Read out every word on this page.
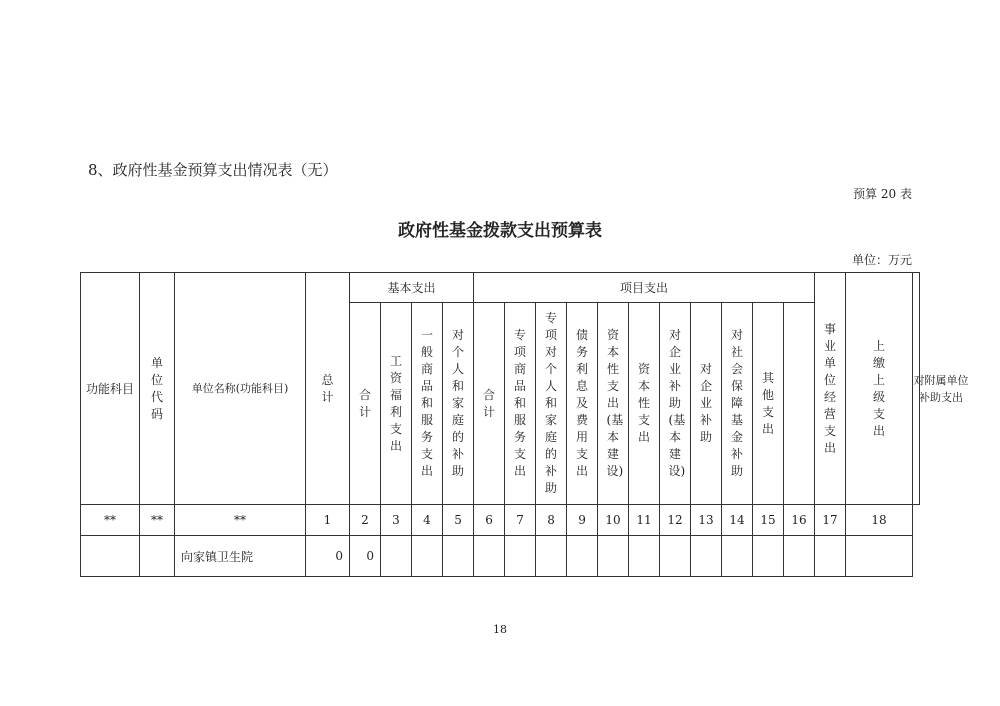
8、政府性基金预算支出情况表（无）
预算 20 表
政府性基金拨款支出预算表
单位：万元
功能科目	单位代码	单位名称(功能科目)	总计	基本支出				项目支出											事业单位经营支出	上缴上级支出	对附属单位补助支出
				合计	工资福利支出	一般商品和服务支出	对个人和家庭的补助	合计	专项商品和服务支出	专项对个人和家庭的补助	债务利息及费用支出	资本性支出(基本建设)	资本性支出	对企业补助(基本建设)	对企业补助	对社会保障基金补助	其他支出				
**	**	**	1	2	3	4	5	6	7	8	9	10	11	12	13	14	15	16	17	18	
		向家镇卫生院	0	0																	
18
